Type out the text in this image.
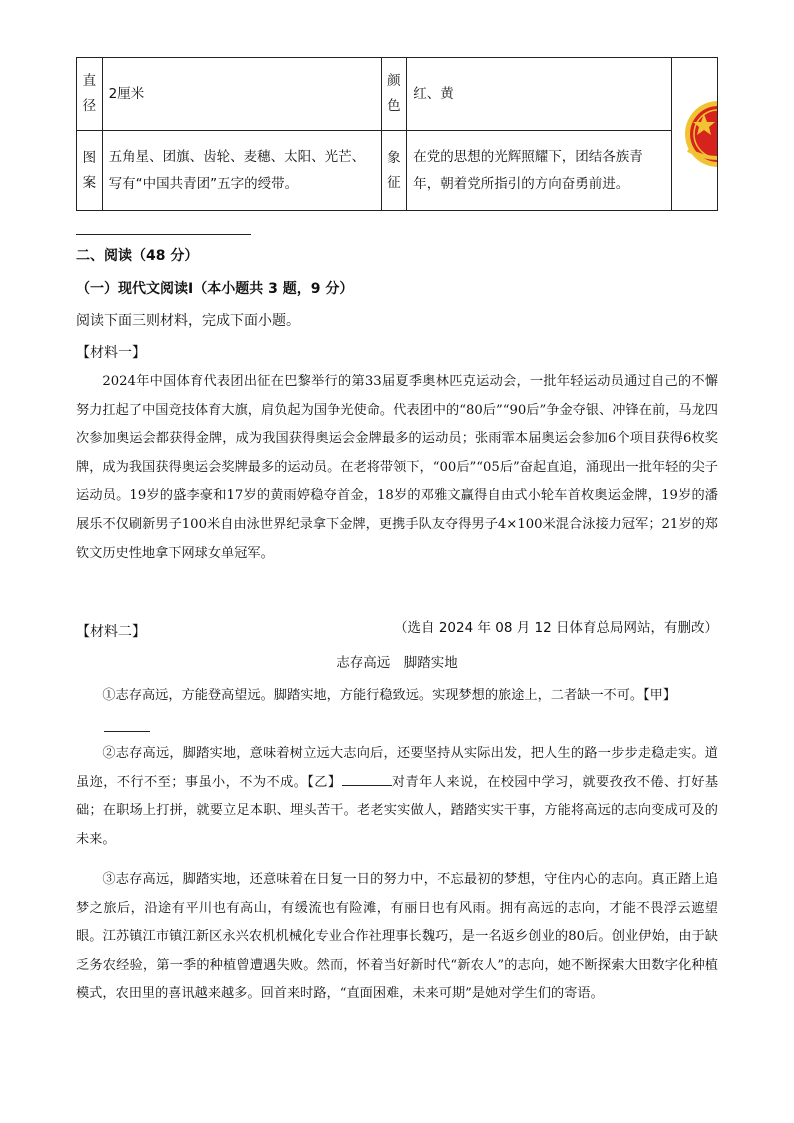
直径	2厘米	颜色	红、黄	中国共

图案	五角星、团旗、齿轮、麦穗、太阳、光芒、写有“中国共青团”五字的绶带。	象征	在党的思想的光辉照耀下，团结各族青年，朝着党所指引的方向奋勇前进。	
二、阅读（48 分）
（一）现代文阅读Ⅰ（本小题共 3 题，9 分）
阅读下面三则材料，完成下面小题。
【材料一】

2024年中国体育代表团出征在巴黎举行的第33届夏季奥林匹克运动会，一批年轻运动员通过自己的不懈努力扛起了中国竞技体育大旗，肩负起为国争光使命。代表团中的“80后”“90后”争金夺银、冲锋在前，马龙四次参加奥运会都获得金牌，成为我国获得奥运会金牌最多的运动员；张雨霏本届奥运会参加6个项目获得6枚奖牌，成为我国获得奥运会奖牌最多的运动员。在老将带领下，“00后”“05后”奋起直追，涌现出一批年轻的尖子运动员。19岁的盛李豪和17岁的黄雨婷稳夺首金，18岁的邓雅文赢得自由式小轮车首枚奥运金牌，19岁的潘展乐不仅刷新男子100米自由泳世界纪录拿下金牌，更携手队友夺得男子4×100米混合泳接力冠军；21岁的郑钦文历史性地拿下网球女单冠军。

（选自 2024 年 08 月 12 日体育总局网站，有删改）
【材料二】
志存高远　脚踏实地

①志存高远，方能登高望远。脚踏实地，方能行稳致远。实现梦想的旅途上，二者缺一不可。【甲】

②志存高远，脚踏实地，意味着树立远大志向后，还要坚持从实际出发，把人生的路一步步走稳走实。道虽迩，不行不至；事虽小，不为不成。【乙】	对青年人来说，在校园中学习，就要孜孜不倦、打好基础；在职场上打拼，就要立足本职、埋头苦干。老老实实做人，踏踏实实干事，方能将高远的志向变成可及的未来。

③志存高远，脚踏实地，还意味着在日复一日的努力中，不忘最初的梦想，守住内心的志向。真正踏上追梦之旅后，沿途有平川也有高山，有缓流也有险滩，有丽日也有风雨。拥有高远的志向，才能不畏浮云遮望眼。江苏镇江市镇江新区永兴农机机械化专业合作社理事长魏巧，是一名返乡创业的80后。创业伊始，由于缺乏务农经验，第一季的种植曾遭遇失败。然而，怀着当好新时代“新农人”的志向，她不断探索大田数字化种植模式，农田里的喜讯越来越多。回首来时路，“直面困难，未来可期”是她对学生们的寄语。
